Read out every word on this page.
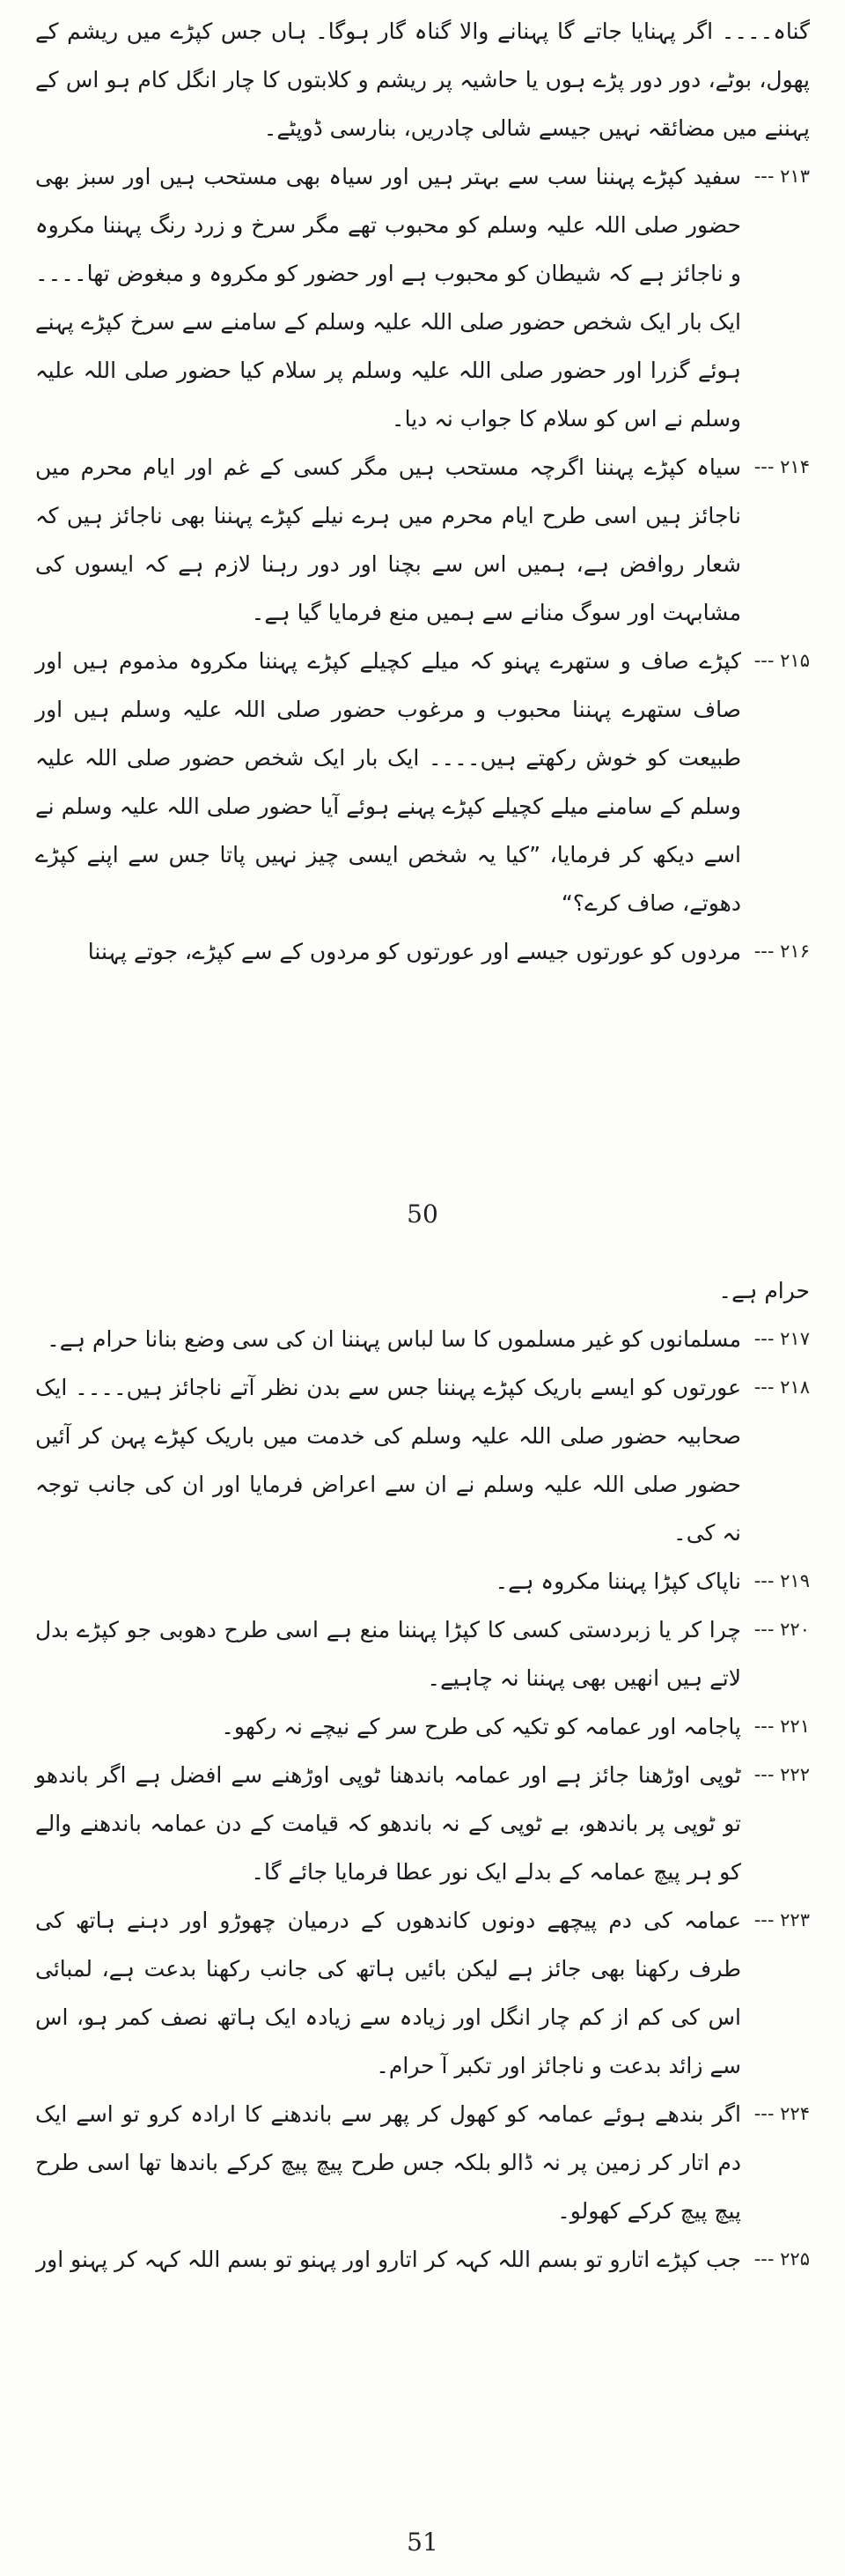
گناہ۔۔۔۔ اگر پہنایا جاتے گا پہنانے والا گناہ گار ہوگا۔ ہاں جس کپڑے میں ریشم کے پھول، بوٹے، دور دور پڑے ہوں یا حاشیہ پر ریشم و کلابتوں کا چار انگل کام ہو اس کے پہننے میں مضائقہ نہیں جیسے شالی چادریں، بنارسی ڈوپٹے۔
۲۱۳ ---
سفید کپڑے پہننا سب سے بہتر ہیں اور سیاہ بھی مستحب ہیں اور سبز بھی حضور صلی اللہ علیہ وسلم کو محبوب تھے مگر سرخ و زرد رنگ پہننا مکروہ و ناجائز ہے کہ شیطان کو محبوب ہے اور حضور کو مکروہ و مبغوض تھا۔۔۔۔ ایک بار ایک شخص حضور صلی اللہ علیہ وسلم کے سامنے سے سرخ کپڑے پہنے ہوئے گزرا اور حضور صلی اللہ علیہ وسلم پر سلام کیا حضور صلی اللہ علیہ وسلم نے اس کو سلام کا جواب نہ دیا۔
۲۱۴ ---
سیاہ کپڑے پہننا اگرچہ مستحب ہیں مگر کسی کے غم اور ایام محرم میں ناجائز ہیں اسی طرح ایام محرم میں ہرے نیلے کپڑے پہننا بھی ناجائز ہیں کہ شعار روافض ہے، ہمیں اس سے بچنا اور دور رہنا لازم ہے کہ ایسوں کی مشابہت اور سوگ منانے سے ہمیں منع فرمایا گیا ہے۔
۲۱۵ ---
کپڑے صاف و ستھرے پہنو کہ میلے کچیلے کپڑے پہننا مکروہ مذموم ہیں اور صاف ستھرے پہننا محبوب و مرغوب حضور صلی اللہ علیہ وسلم ہیں اور طبیعت کو خوش رکھتے ہیں۔۔۔۔ ایک بار ایک شخص حضور صلی اللہ علیہ وسلم کے سامنے میلے کچیلے کپڑے پہنے ہوئے آیا حضور صلی اللہ علیہ وسلم نے اسے دیکھ کر فرمایا، ”کیا یہ شخص ایسی چیز نہیں پاتا جس سے اپنے کپڑے دھوتے، صاف کرے؟“
۲۱۶ ---
مردوں کو عورتوں جیسے اور عورتوں کو مردوں کے سے کپڑے، جوتے پہننا
50
حرام ہے۔
۲۱۷ ---
مسلمانوں کو غیر مسلموں کا سا لباس پہننا ان کی سی وضع بنانا حرام ہے۔
۲۱۸ ---
عورتوں کو ایسے باریک کپڑے پہننا جس سے بدن نظر آتے ناجائز ہیں۔۔۔۔ ایک صحابیہ حضور صلی اللہ علیہ وسلم کی خدمت میں باریک کپڑے پہن کر آئیں حضور صلی اللہ علیہ وسلم نے ان سے اعراض فرمایا اور ان کی جانب توجہ نہ کی۔
۲۱۹ ---
ناپاک کپڑا پہننا مکروہ ہے۔
۲۲۰ ---
چرا کر یا زبردستی کسی کا کپڑا پہننا منع ہے اسی طرح دھوبی جو کپڑے بدل لاتے ہیں انھیں بھی پہننا نہ چاہیے۔
۲۲۱ ---
پاجامہ اور عمامہ کو تکیہ کی طرح سر کے نیچے نہ رکھو۔
۲۲۲ ---
ٹوپی اوڑھنا جائز ہے اور عمامہ باندھنا ٹوپی اوڑھنے سے افضل ہے اگر باندھو تو ٹوپی پر باندھو، بے ٹوپی کے نہ باندھو کہ قیامت کے دن عمامہ باندھنے والے کو ہر پیچ عمامہ کے بدلے ایک نور عطا فرمایا جائے گا۔
۲۲۳ ---
عمامہ کی دم پیچھے دونوں کاندھوں کے درمیان چھوڑو اور دہنے ہاتھ کی طرف رکھنا بھی جائز ہے لیکن بائیں ہاتھ کی جانب رکھنا بدعت ہے، لمبائی اس کی کم از کم چار انگل اور زیادہ سے زیادہ ایک ہاتھ نصف کمر ہو، اس سے زائد بدعت و ناجائز اور تکبر آ حرام۔
۲۲۴ ---
اگر بندھے ہوئے عمامہ کو کھول کر پھر سے باندھنے کا ارادہ کرو تو اسے ایک دم اتار کر زمین پر نہ ڈالو بلکہ جس طرح پیچ پیچ کرکے باندھا تھا اسی طرح پیچ پیچ کرکے کھولو۔
۲۲۵ ---
جب کپڑے اتارو تو بسم اللہ کہہ کر اتارو اور پہنو تو بسم اللہ کہہ کر پہنو اور
51
